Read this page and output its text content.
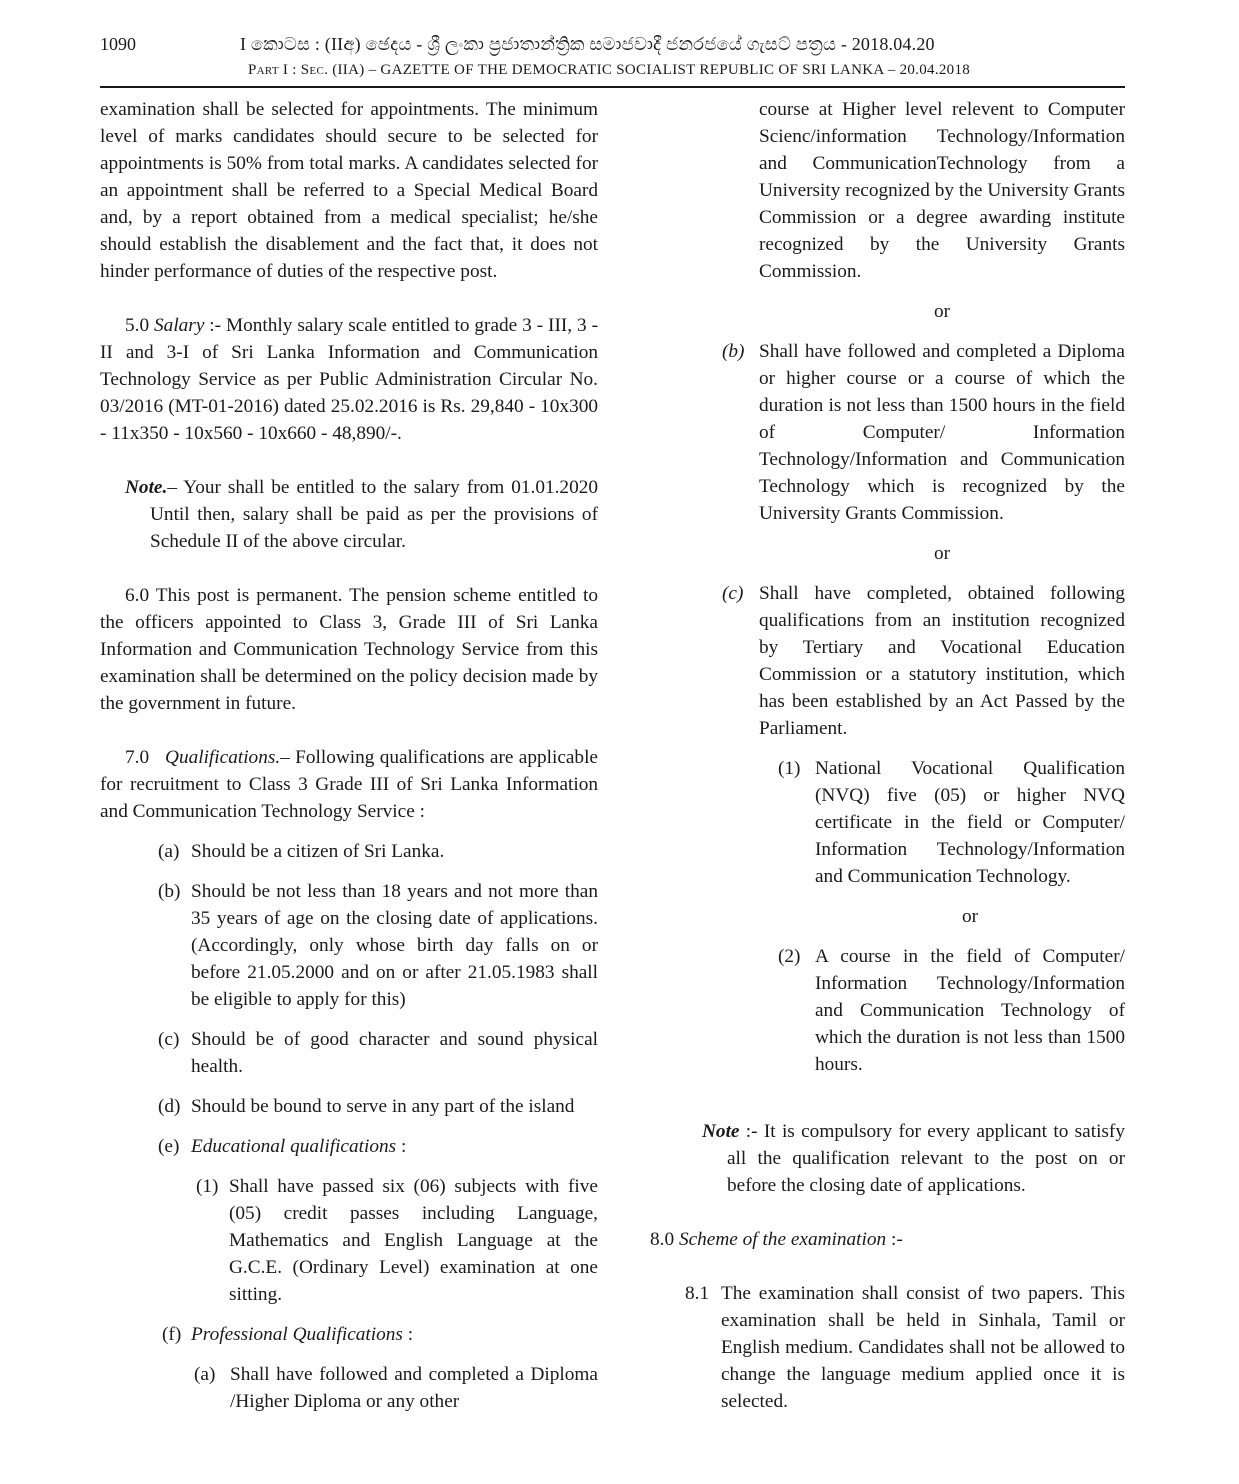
1090	I කොටස : (IIඅ) ඡෙදය - ශ්‍රී ලංකා ප්‍රජාතාන්ත්‍රික සමාජවාදී ජනරජයේ ගැසට් පත්‍රය - 2018.04.20
Part I : Sec. (IIA) – GAZETTE OF THE DEMOCRATIC SOCIALIST REPUBLIC OF SRI LANKA – 20.04.2018

examination shall be selected for appointments. The minimum level of marks candidates should secure to be selected for appointments is 50% from total marks. A candidates selected for an appointment shall be referred to a Special Medical Board and, by a report obtained from a medical specialist; he/she should establish the disablement and the fact that, it does not hinder performance of duties of the respective post.

5.0 Salary :- Monthly salary scale entitled to grade 3 - III, 3 - II and 3-I of Sri Lanka Information and Communication Technology Service as per Public Administration Circular No. 03/2016 (MT-01-2016) dated 25.02.2016 is Rs. 29,840 - 10x300 - 11x350 - 10x560 - 10x660 - 48,890/-.

Note.– Your shall be entitled to the salary from 01.01.2020 Until then, salary shall be paid as per the provisions of Schedule II of the above circular.

6.0 This post is permanent. The pension scheme entitled to the officers appointed to Class 3, Grade III of Sri Lanka Information and Communication Technology Service from this examination shall be determined on the policy decision made by the government in future.

7.0 Qualifications.– Following qualifications are applicable for recruitment to Class 3 Grade III of Sri Lanka Information and Communication Technology Service :

(a) Should be a citizen of Sri Lanka.
(b) Should be not less than 18 years and not more than 35 years of age on the closing date of applications. (Accordingly, only whose birth day falls on or before 21.05.2000 and on or after 21.05.1983 shall be eligible to apply for this)
(c) Should be of good character and sound physical health.
(d) Should be bound to serve in any part of the island
(e) Educational qualifications :
(1) Shall have passed six (06) subjects with five (05) credit passes including Language, Mathematics and English Language at the G.C.E. (Ordinary Level) examination at one sitting.
(f) Professional Qualifications :
(a) Shall have followed and completed a Diploma /Higher Diploma or any other

course at Higher level relevent to Computer Scienc/information Technology/Information and CommunicationTechnology from a University recognized by the University Grants Commission or a degree awarding institute recognized by the University Grants Commission.

or

(b) Shall have followed and completed a Diploma or higher course or a course of which the duration is not less than 1500 hours in the field of Computer/ Information Technology/Information and Communication Technology which is recognized by the University Grants Commission.

or

(c) Shall have completed, obtained following qualifications from an institution recognized by Tertiary and Vocational Education Commission or a statutory institution, which has been established by an Act Passed by the Parliament.
(1) National Vocational Qualification (NVQ) five (05) or higher NVQ certificate in the field or Computer/ Information Technology/Information and Communication Technology.

or

(2) A course in the field of Computer/ Information Technology/Information and Communication Technology of which the duration is not less than 1500 hours.

Note :- It is compulsory for every applicant to satisfy all the qualification relevant to the post on or before the closing date of applications.

8.0 Scheme of the examination :-

8.1 The examination shall consist of two papers. This examination shall be held in Sinhala, Tamil or English medium. Candidates shall not be allowed to change the language medium applied once it is selected.
